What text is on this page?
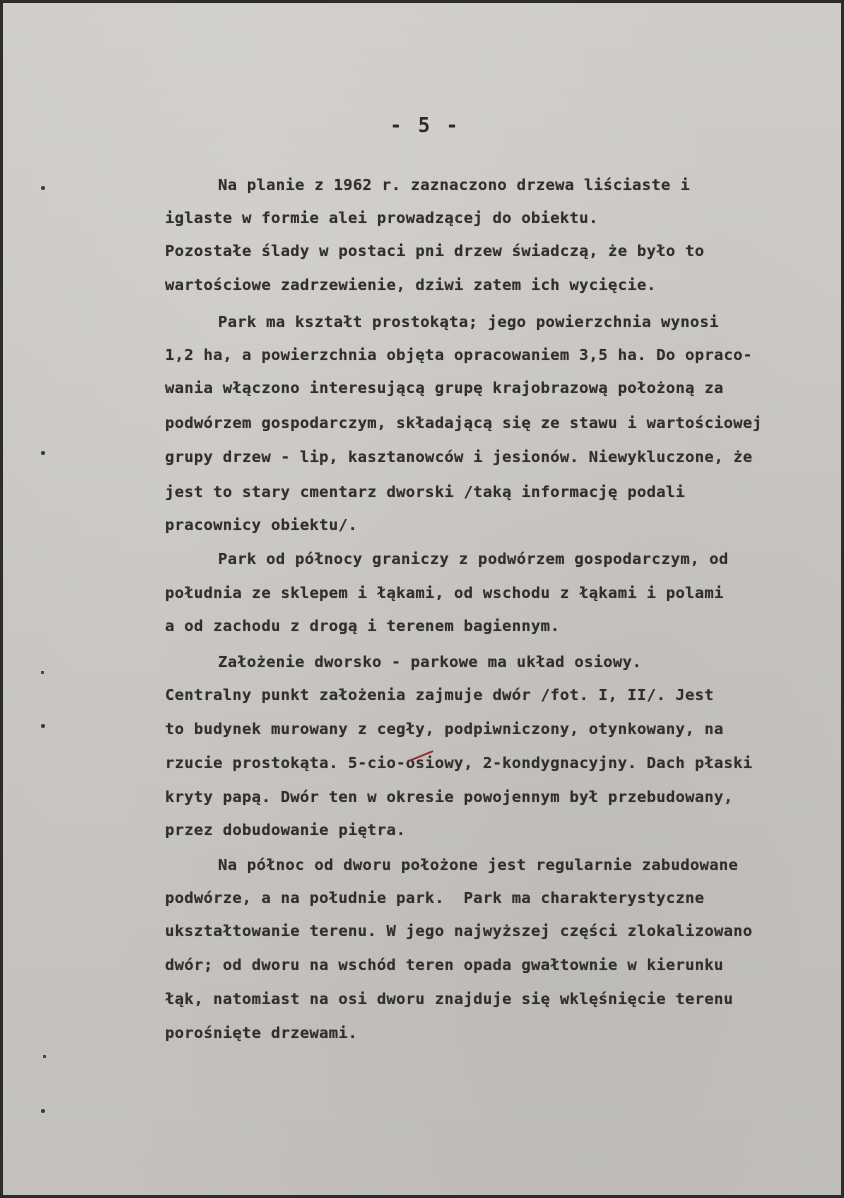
- 5 -
Na planie z 1962 r. zaznaczono drzewa liściaste i
iglaste w formie alei prowadzącej do obiektu.
Pozostałe ślady w postaci pni drzew świadczą, że było to
wartościowe zadrzewienie, dziwi zatem ich wycięcie.
Park ma kształt prostokąta; jego powierzchnia wynosi
1,2 ha, a powierzchnia objęta opracowaniem 3,5 ha. Do opraco-
wania włączono interesującą grupę krajobrazową położoną za
podwórzem gospodarczym, składającą się ze stawu i wartościowej
grupy drzew - lip, kasztanowców i jesionów. Niewykluczone, że
jest to stary cmentarz dworski /taką informację podali
pracownicy obiektu/.
Park od północy graniczy z podwórzem gospodarczym, od
południa ze sklepem i łąkami, od wschodu z łąkami i polami
a od zachodu z drogą i terenem bagiennym.
Założenie dworsko - parkowe ma układ osiowy.
Centralny punkt założenia zajmuje dwór /fot. I, II/. Jest
to budynek murowany z cegły, podpiwniczony, otynkowany, na
rzucie prostokąta. 5-cio-osiowy, 2-kondygnacyjny. Dach płaski
kryty papą. Dwór ten w okresie powojennym był przebudowany,
przez dobudowanie piętra.
Na północ od dworu położone jest regularnie zabudowane
podwórze, a na południe park.  Park ma charakterystyczne
ukształtowanie terenu. W jego najwyższej części zlokalizowano
dwór; od dworu na wschód teren opada gwałtownie w kierunku
łąk, natomiast na osi dworu znajduje się wklęśnięcie terenu
porośnięte drzewami.
